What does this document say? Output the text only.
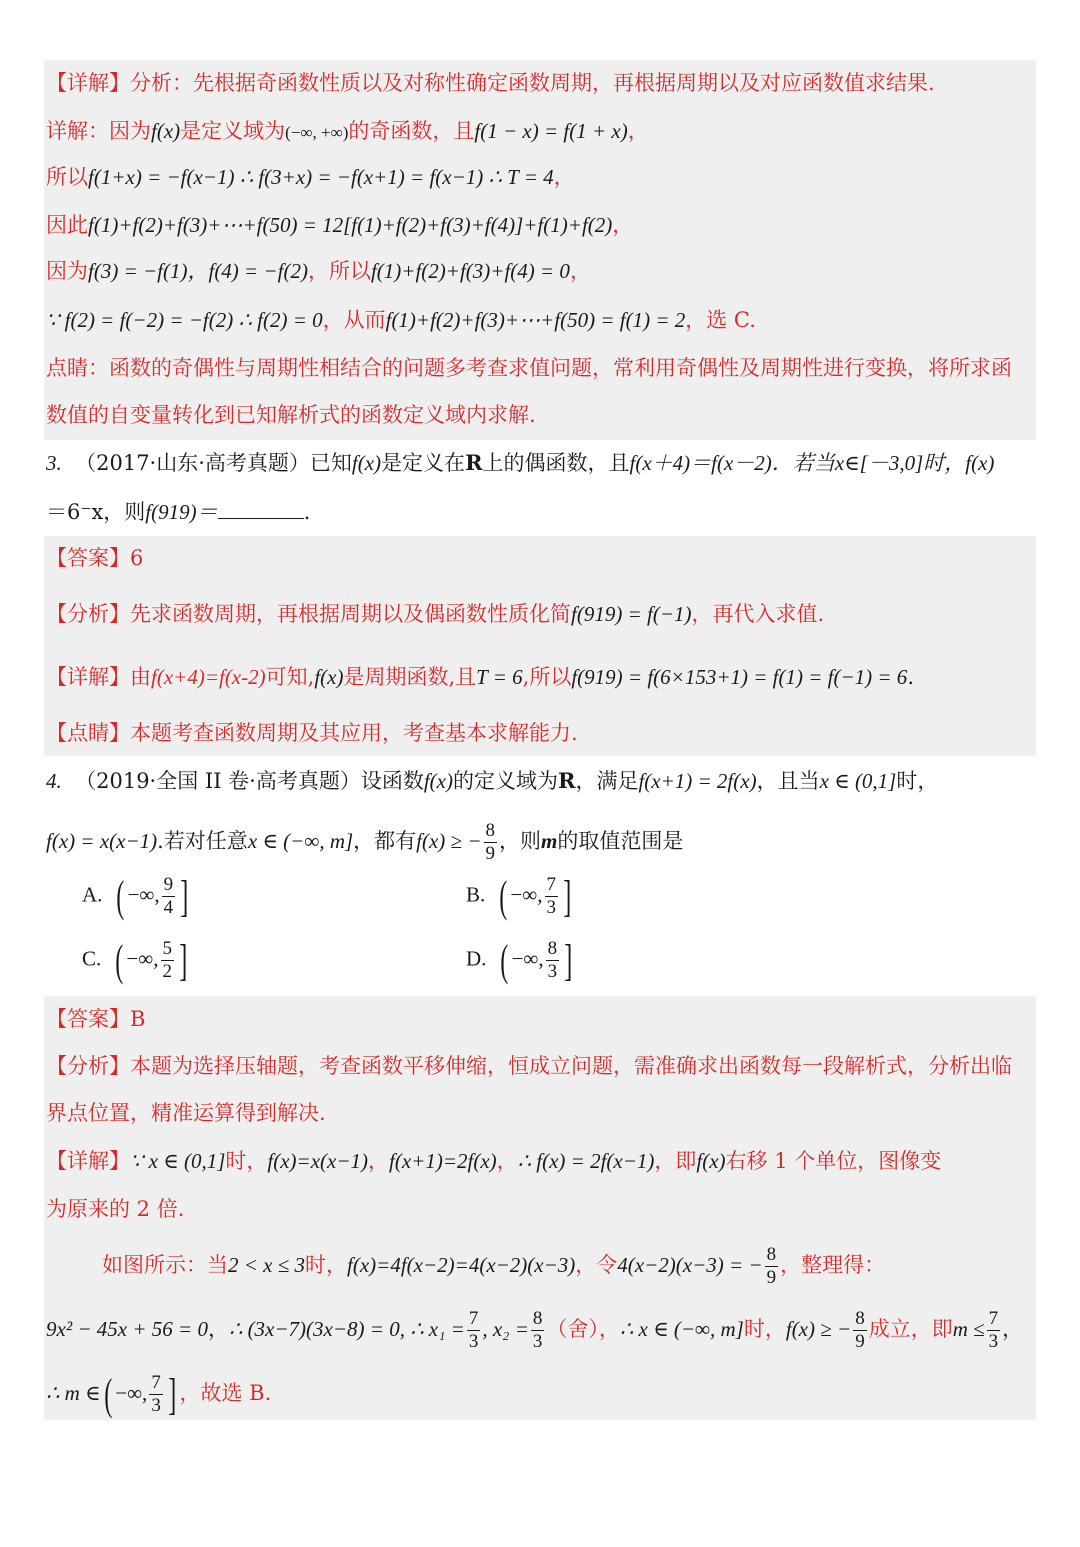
【详解】分析：先根据奇函数性质以及对称性确定函数周期，再根据周期以及对应函数值求结果.
详解：因为f(x)是定义域为(−∞, +∞)的奇函数，且f(1 − x) = f(1 + x)，
所以f(1+x) = −f(x−1) ∴ f(3+x) = −f(x+1) = f(x−1) ∴ T = 4，
因此f(1)+f(2)+f(3)+⋯+f(50) = 12[f(1)+f(2)+f(3)+f(4)]+f(1)+f(2)，
因为f(3) = −f(1)，f(4) = −f(2)，所以f(1)+f(2)+f(3)+f(4) = 0，
∵ f(2) = f(−2) = −f(2) ∴ f(2) = 0，从而f(1)+f(2)+f(3)+⋯+f(50) = f(1) = 2，选 C.
点睛：函数的奇偶性与周期性相结合的问题多考查求值问题，常利用奇偶性及周期性进行变换，将所求函
数值的自变量转化到已知解析式的函数定义域内求解.
3. （2017·山东·高考真题）已知f(x)是定义在R上的偶函数，且f(x＋4)＝f(x－2)．若当x∈[－3,0]时，f(x)
＝6⁻x，则f(919)＝	.
【答案】6
【分析】先求函数周期，再根据周期以及偶函数性质化简f(919) = f(−1)，再代入求值.
【详解】由f(x+4)=f(x-2)可知,f(x)是周期函数,且T = 6,所以f(919) = f(6×153+1) = f(1) = f(−1) = 6.
【点睛】本题考查函数周期及其应用，考查基本求解能力.
4. （2019·全国 II 卷·高考真题）设函数f(x)的定义域为R，满足f(x+1) = 2f(x)，且当x ∈ (0,1]时，
f(x) = x(x−1).若对任意x ∈ (−∞, m]，都有f(x) ≥ − $\frac{8}{9}$ ，则m的取值范围是
A. ( −∞, $\frac{9}{4}$ ]	B. ( −∞, $\frac{7}{3}$ ]
C. ( −∞, $\frac{5}{2}$ ]	D. ( −∞, $\frac{8}{3}$ ]
【答案】B
【分析】本题为选择压轴题，考查函数平移伸缩，恒成立问题，需准确求出函数每一段解析式，分析出临
界点位置，精准运算得到解决.
【详解】∵ x ∈ (0,1]时，f(x)=x(x−1)，f(x+1)=2f(x)，∴ f(x) = 2f(x−1)，即f(x)右移 1 个单位，图像变
为原来的 2 倍.
如图所示：当2 < x ≤ 3时，f(x)=4f(x−2)=4(x−2)(x−3)，令4(x−2)(x−3) = − $\frac{8}{9}$ ，整理得：
9x² − 45x + 56 = 0，∴ (3x−7)(3x−8) = 0, ∴ $x_1 = \frac{7}{3}$ , $x_2 = \frac{8}{3}$ （舍），∴ x ∈ (−∞, m]时，f(x) ≥ − $\frac{8}{9}$ 成立，即$m \le \frac{7}{3}$ ，
∴ m ∈( −∞, $\frac{7}{3}$ ] ，故选 B.
